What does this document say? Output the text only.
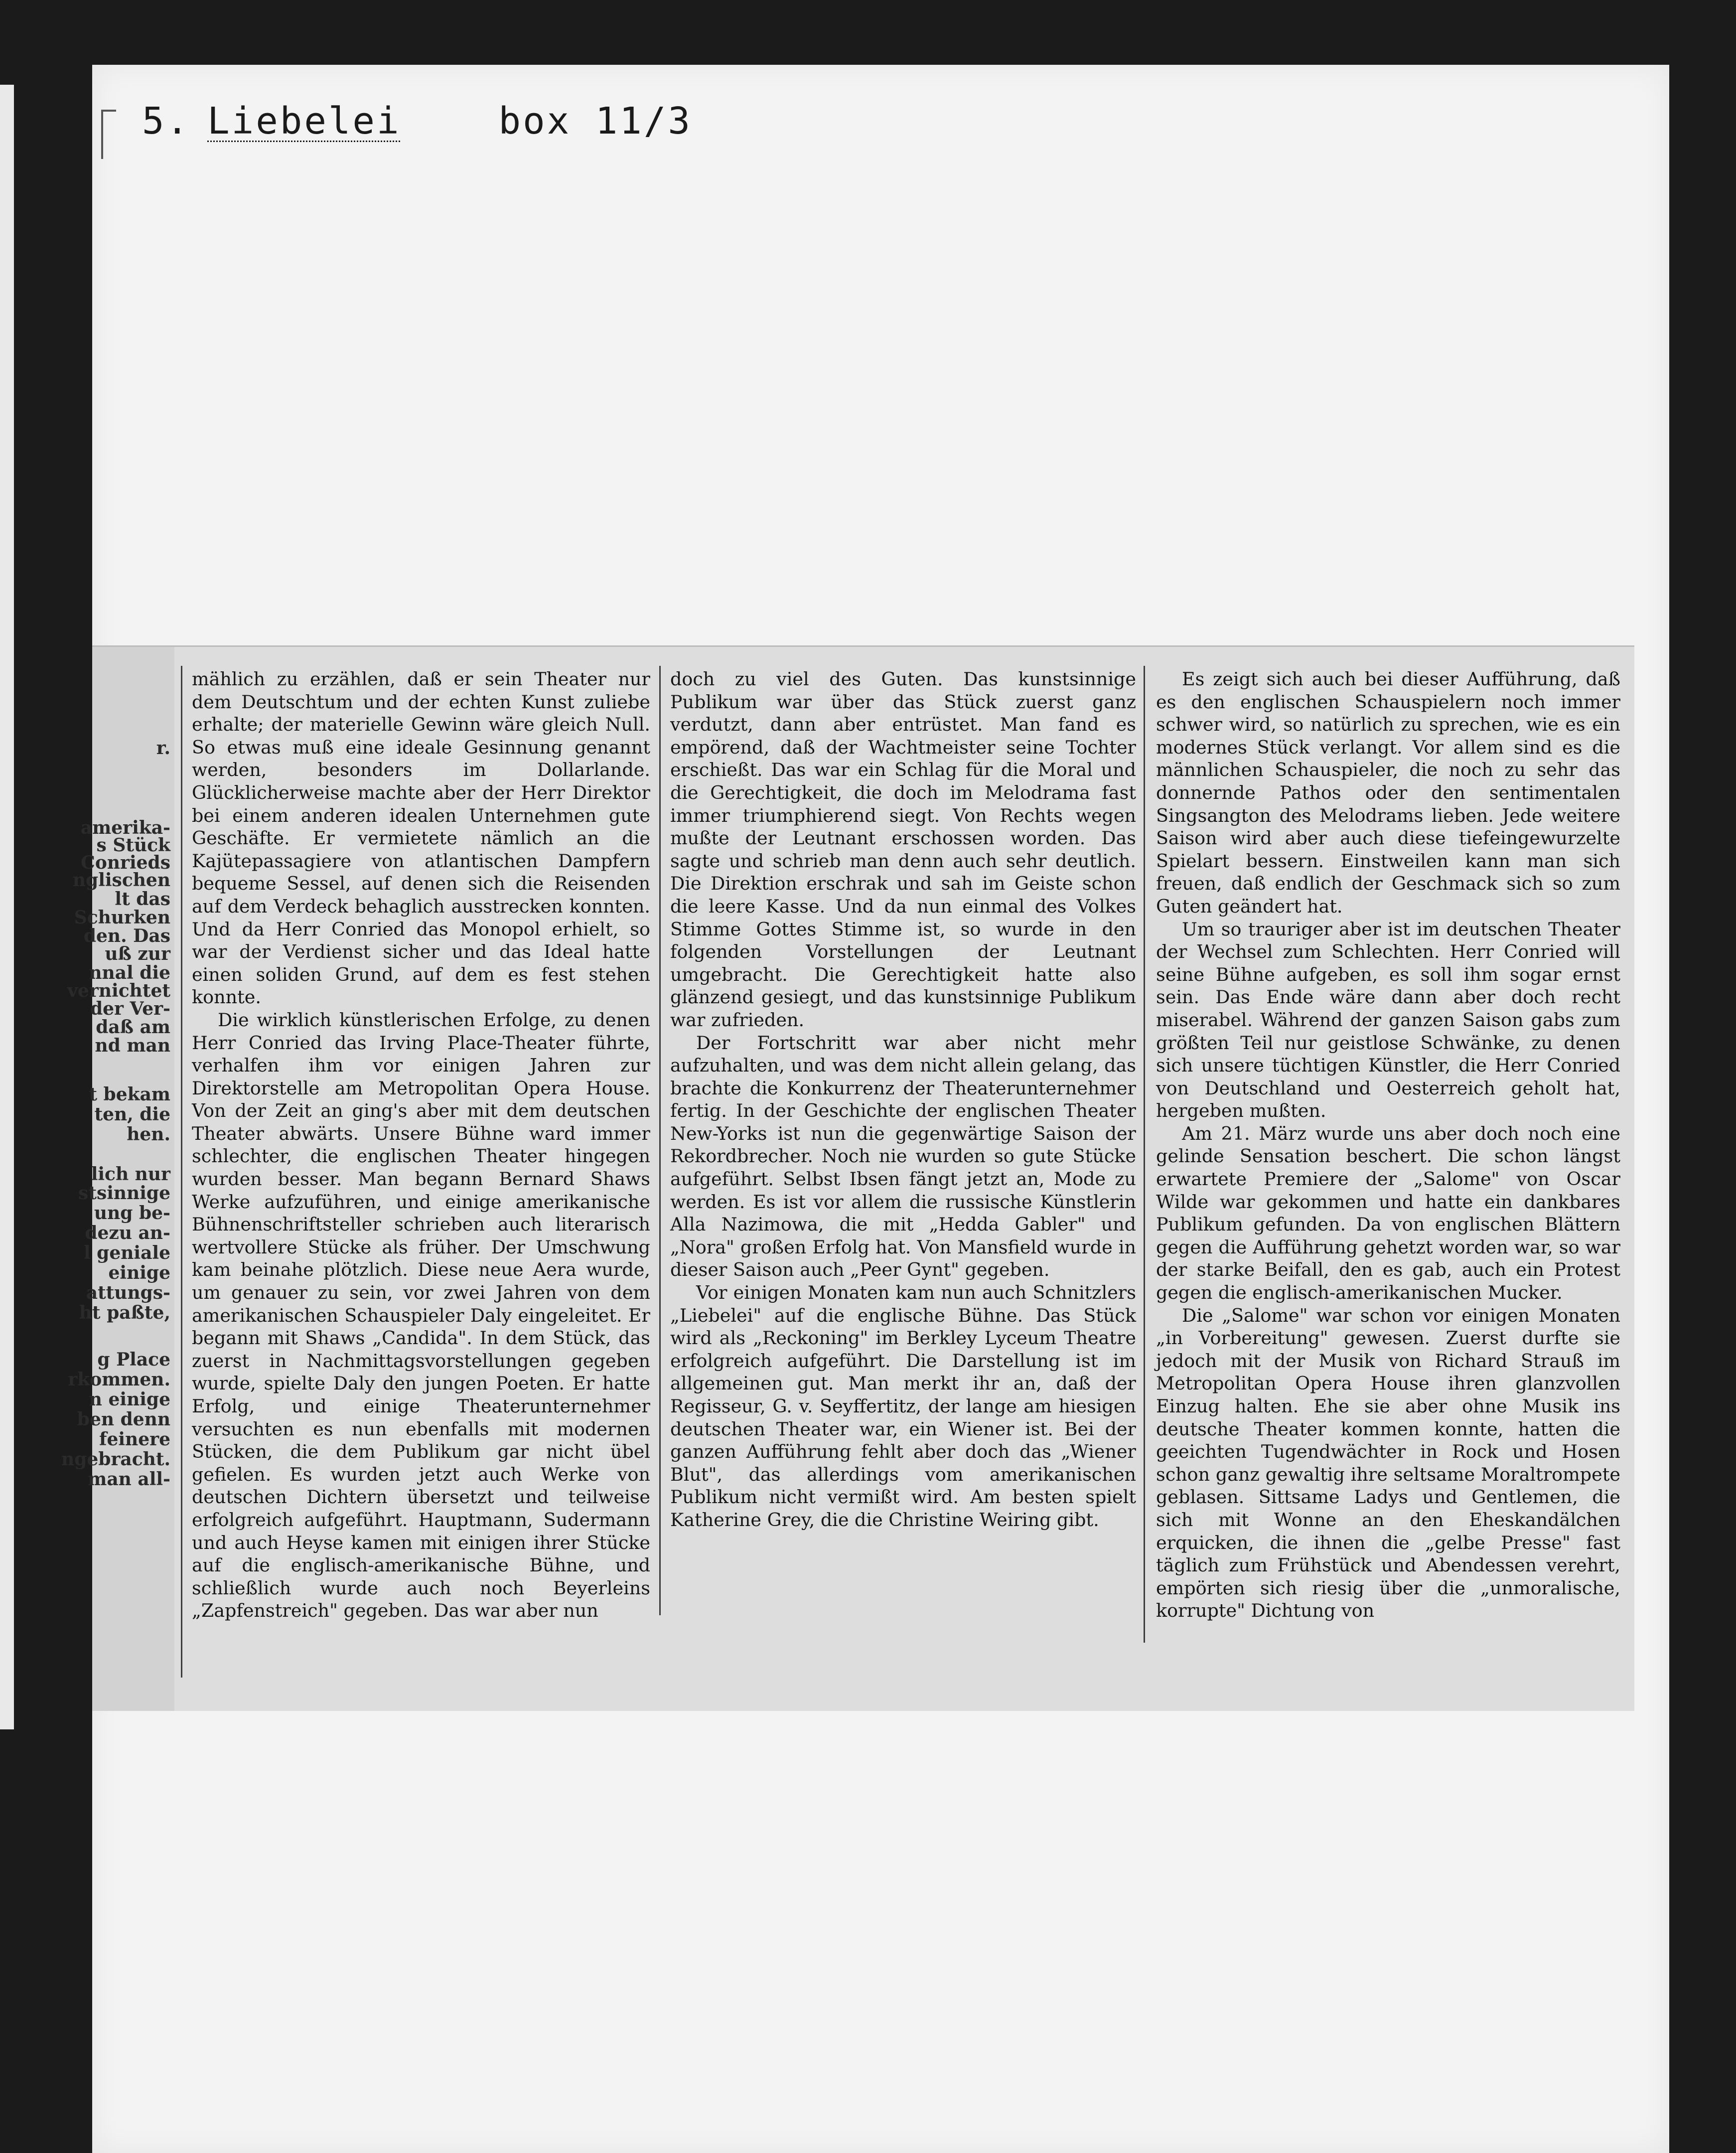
5. Liebelei	box 11/3
r.
amerika-
s Stück
Conrieds
nglischen
lt das
Schurken
den. Das
uß zur
nnal die
vernichtet
der Ver-
daß am
nd man
t bekam
ten, die
hen.
lich nur
stsinnige
ung be-
dezu an-
l geniale
einige
attungs-
ht paßte,
g Place
rkommen.
n einige
ben denn
feinere
ngebracht.
man all-

mählich zu erzählen, daß er sein Theater nur dem Deutschtum und der echten Kunst zuliebe erhalte; der materielle Gewinn wäre gleich Null. So etwas muß eine ideale Gesinnung genannt werden, besonders im Dollarlande. Glücklicherweise machte aber der Herr Direktor bei einem anderen idealen Unternehmen gute Geschäfte. Er vermietete nämlich an die Kajütepassagiere von atlantischen Dampfern bequeme Sessel, auf denen sich die Reisenden auf dem Verdeck behaglich ausstrecken konnten. Und da Herr Conried das Monopol erhielt, so war der Verdienst sicher und das Ideal hatte einen soliden Grund, auf dem es fest stehen konnte.

Die wirklich künstlerischen Erfolge, zu denen Herr Conried das Irving Place-Theater führte, verhalfen ihm vor einigen Jahren zur Direktorstelle am Metropolitan Opera House. Von der Zeit an ging's aber mit dem deutschen Theater abwärts. Unsere Bühne ward immer schlechter, die englischen Theater hingegen wurden besser. Man begann Bernard Shaws Werke aufzuführen, und einige amerikanische Bühnenschriftsteller schrieben auch literarisch wertvollere Stücke als früher. Der Umschwung kam beinahe plötzlich. Diese neue Aera wurde, um genauer zu sein, vor zwei Jahren von dem amerikanischen Schauspieler Daly eingeleitet. Er begann mit Shaws „Candida". In dem Stück, das zuerst in Nachmittagsvorstellungen gegeben wurde, spielte Daly den jungen Poeten. Er hatte Erfolg, und einige Theaterunternehmer versuchten es nun ebenfalls mit modernen Stücken, die dem Publikum gar nicht übel gefielen. Es wurden jetzt auch Werke von deutschen Dichtern übersetzt und teilweise erfolgreich aufgeführt. Hauptmann, Sudermann und auch Heyse kamen mit einigen ihrer Stücke auf die englisch-amerikanische Bühne, und schließlich wurde auch noch Beyerleins „Zapfenstreich" gegeben. Das war aber nun

doch zu viel des Guten. Das kunstsinnige Publikum war über das Stück zuerst ganz verdutzt, dann aber entrüstet. Man fand es empörend, daß der Wachtmeister seine Tochter erschießt. Das war ein Schlag für die Moral und die Gerechtigkeit, die doch im Melodrama fast immer triumphierend siegt. Von Rechts wegen mußte der Leutnant erschossen worden. Das sagte und schrieb man denn auch sehr deutlich. Die Direktion erschrak und sah im Geiste schon die leere Kasse. Und da nun einmal des Volkes Stimme Gottes Stimme ist, so wurde in den folgenden Vorstellungen der Leutnant umgebracht. Die Gerechtigkeit hatte also glänzend gesiegt, und das kunstsinnige Publikum war zufrieden.

Der Fortschritt war aber nicht mehr aufzuhalten, und was dem nicht allein gelang, das brachte die Konkurrenz der Theaterunternehmer fertig. In der Geschichte der englischen Theater New-Yorks ist nun die gegenwärtige Saison der Rekordbrecher. Noch nie wurden so gute Stücke aufgeführt. Selbst Ibsen fängt jetzt an, Mode zu werden. Es ist vor allem die russische Künstlerin Alla Nazimowa, die mit „Hedda Gabler" und „Nora" großen Erfolg hat. Von Mansfield wurde in dieser Saison auch „Peer Gynt" gegeben.

Vor einigen Monaten kam nun auch Schnitzlers „Liebelei" auf die englische Bühne. Das Stück wird als „Reckoning" im Berkley Lyceum Theatre erfolgreich aufgeführt. Die Darstellung ist im allgemeinen gut. Man merkt ihr an, daß der Regisseur, G. v. Seyffertitz, der lange am hiesigen deutschen Theater war, ein Wiener ist. Bei der ganzen Aufführung fehlt aber doch das „Wiener Blut", das allerdings vom amerikanischen Publikum nicht vermißt wird. Am besten spielt Katherine Grey, die die Christine Weiring gibt.

Es zeigt sich auch bei dieser Aufführung, daß es den englischen Schauspielern noch immer schwer wird, so natürlich zu sprechen, wie es ein modernes Stück verlangt. Vor allem sind es die männlichen Schauspieler, die noch zu sehr das donnernde Pathos oder den sentimentalen Singsangton des Melodrams lieben. Jede weitere Saison wird aber auch diese tiefeingewurzelte Spielart bessern. Einstweilen kann man sich freuen, daß endlich der Geschmack sich so zum Guten geändert hat.

Um so trauriger aber ist im deutschen Theater der Wechsel zum Schlechten. Herr Conried will seine Bühne aufgeben, es soll ihm sogar ernst sein. Das Ende wäre dann aber doch recht miserabel. Während der ganzen Saison gabs zum größten Teil nur geistlose Schwänke, zu denen sich unsere tüchtigen Künstler, die Herr Conried von Deutschland und Oesterreich geholt hat, hergeben mußten.

Am 21. März wurde uns aber doch noch eine gelinde Sensation beschert. Die schon längst erwartete Premiere der „Salome" von Oscar Wilde war gekommen und hatte ein dankbares Publikum gefunden. Da von englischen Blättern gegen die Aufführung gehetzt worden war, so war der starke Beifall, den es gab, auch ein Protest gegen die englisch-amerikanischen Mucker.

Die „Salome" war schon vor einigen Monaten „in Vorbereitung" gewesen. Zuerst durfte sie jedoch mit der Musik von Richard Strauß im Metropolitan Opera House ihren glanzvollen Einzug halten. Ehe sie aber ohne Musik ins deutsche Theater kommen konnte, hatten die geeichten Tugendwächter in Rock und Hosen schon ganz gewaltig ihre seltsame Moraltrompete geblasen. Sittsame Ladys und Gentlemen, die sich mit Wonne an den Eheskandälchen erquicken, die ihnen die „gelbe Presse" fast täglich zum Frühstück und Abendessen verehrt, empörten sich riesig über die „unmoralische, korrupte" Dichtung von
